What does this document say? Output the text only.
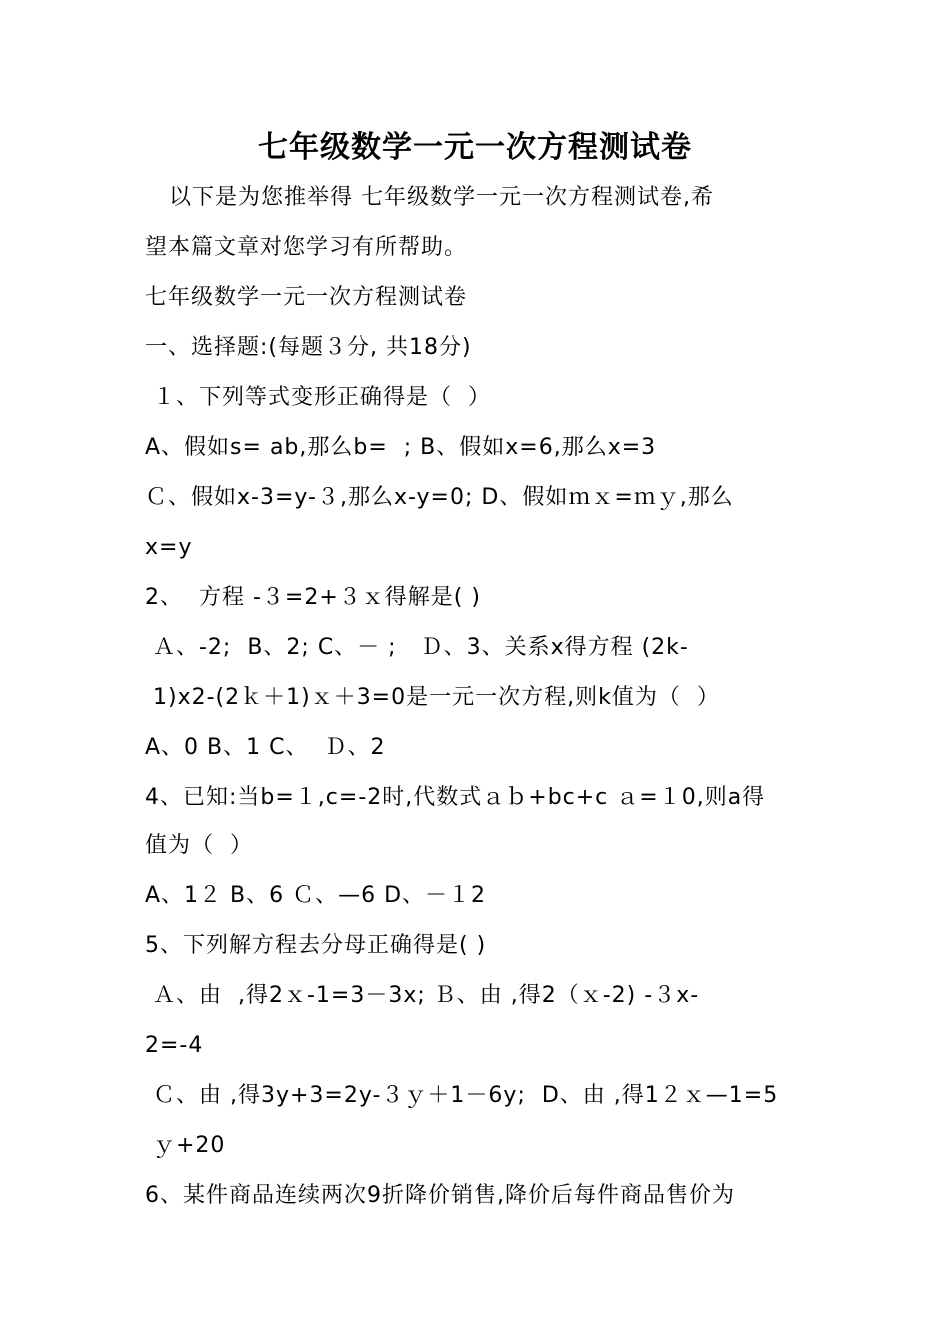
七年级数学一元一次方程测试卷
以下是为您推举得 七年级数学一元一次方程测试卷,希
望本篇文章对您学习有所帮助。
七年级数学一元一次方程测试卷
一、选择题:(每题３分, 共18分)
１、下列等式变形正确得是（  ）
A、假如s= ab,那么b=  ; B、假如x=6,那么x=3
Ｃ、假如x-3=y-３,那么x-y=0; D、假如ｍｘ=ｍｙ,那么
x=y
2、  方程 -３=2+３ｘ得解是( )
Ａ、-2;  B、2; C、－ ;   Ｄ、3、关系x得方程 (2k-
1)x2-(2ｋ＋1)ｘ＋3=0是一元一次方程,则k值为（  ）
A、0 B、1 C、  Ｄ、2
4、已知:当b=１,c=-2时,代数式ａｂ+bc+c ａ=１0,则a得
值为（  ）
A、1２ B、6 Ｃ、—6 D、－１2
5、下列解方程去分母正确得是( )
Ａ、由  ,得2ｘ-1=3－3x; Ｂ、由 ,得2（ｘ-2) -３x-
2=-4
Ｃ、由 ,得3y+3=2y-３ｙ＋1－6y;  D、由 ,得1２ｘ—1=5
ｙ+20
6、某件商品连续两次9折降价销售,降价后每件商品售价为
